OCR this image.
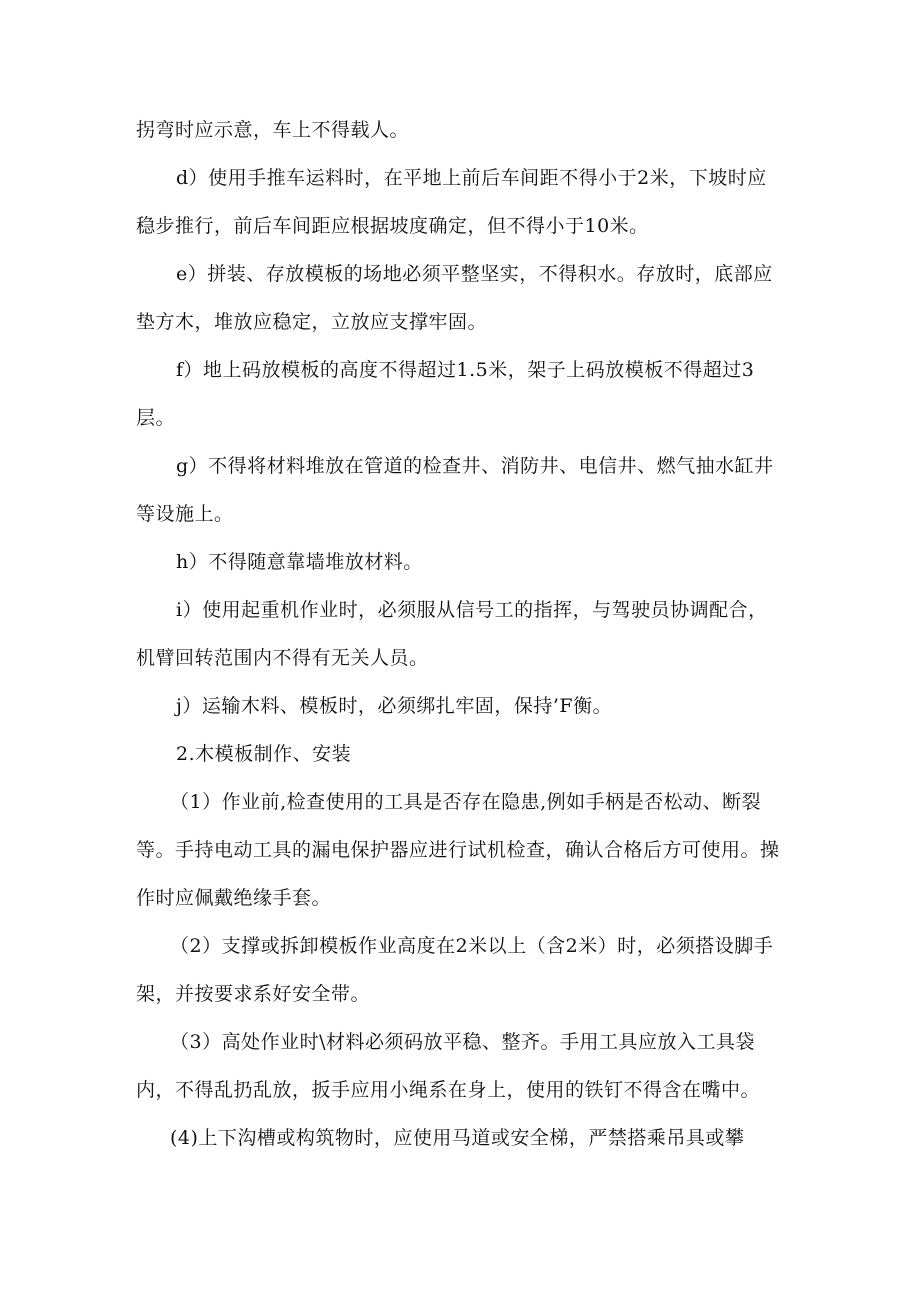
拐弯时应示意，车上不得载人。

d）使用手推车运料时，在平地上前后车间距不得小于2米，下坡时应稳步推行，前后车间距应根据坡度确定，但不得小于10米。

e）拼装、存放模板的场地必须平整坚实，不得积水。存放时，底部应垫方木，堆放应稳定，立放应支撑牢固。

f）地上码放模板的高度不得超过1.5米，架子上码放模板不得超过3层。

g）不得将材料堆放在管道的检查井、消防井、电信井、燃气抽水缸井等设施上。

h）不得随意靠墙堆放材料。

i）使用起重机作业时，必须服从信号工的指挥，与驾驶员协调配合，机臂回转范围内不得有无关人员。

j）运输木料、模板时，必须绑扎牢固，保持’F衡。

2.木模板制作、安装

（1）作业前,检查使用的工具是否存在隐患,例如手柄是否松动、断裂等。手持电动工具的漏电保护器应进行试机检查，确认合格后方可使用。操作时应佩戴绝缘手套。

（2）支撑或拆卸模板作业高度在2米以上（含2米）时，必须搭设脚手架，并按要求系好安全带。

（3）高处作业时\材料必须码放平稳、整齐。手用工具应放入工具袋内，不得乱扔乱放，扳手应用小绳系在身上，使用的铁钉不得含在嘴中。

(4)上下沟槽或构筑物时，应使用马道或安全梯，严禁搭乘吊具或攀
